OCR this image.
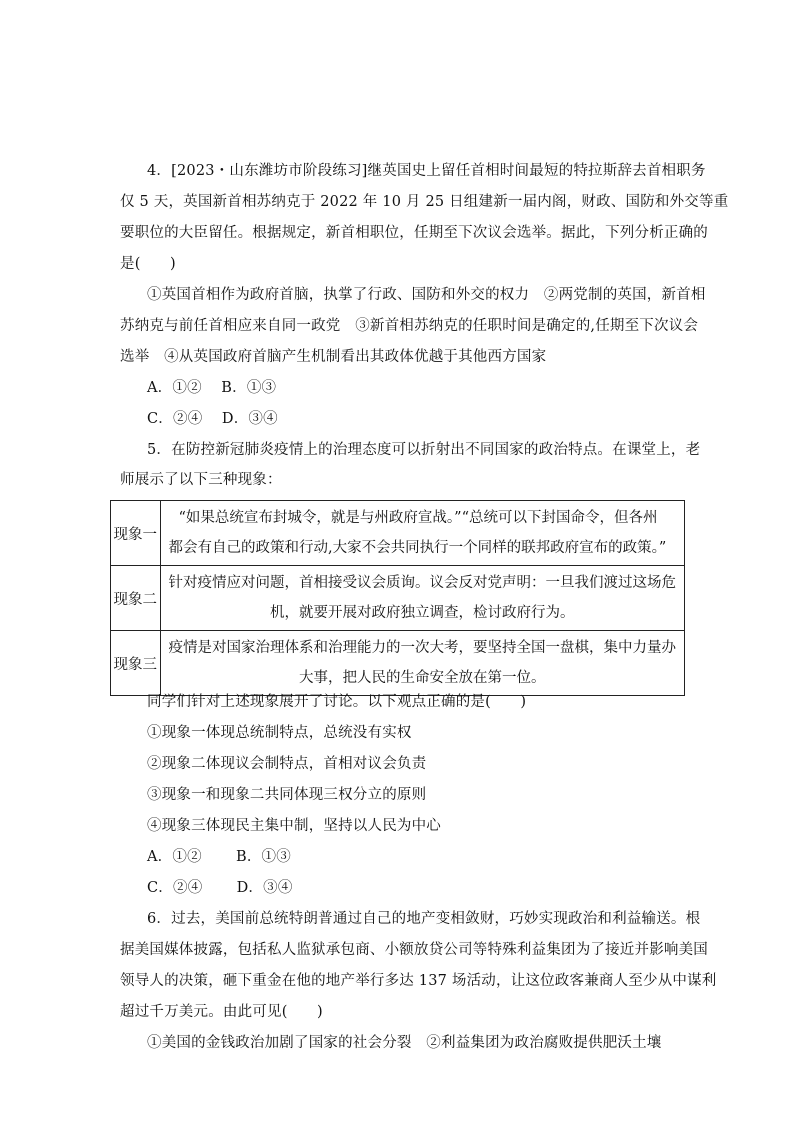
4．[2023・山东潍坊市阶段练习]继英国史上留任首相时间最短的特拉斯辞去首相职务
仅 5 天，英国新首相苏纳克于 2022 年 10 月 25 日组建新一届内阁，财政、国防和外交等重
要职位的大臣留任。根据规定，新首相职位，任期至下次议会选举。据此，下列分析正确的
是(　　)
①英国首相作为政府首脑，执掌了行政、国防和外交的权力　②两党制的英国，新首相
苏纳克与前任首相应来自同一政党　③新首相苏纳克的任职时间是确定的,任期至下次议会
选举　④从英国政府首脑产生机制看出其政体优越于其他西方国家
A．①②　 B．①③
C．②④　 D．③④
5．在防控新冠肺炎疫情上的治理态度可以折射出不同国家的政治特点。在课堂上，老
师展示了以下三种现象：
现象一	“如果总统宣布封城令，就是与州政府宣战。”“总统可以下封国命令，但各州
都会有自己的政策和行动,大家不会共同执行一个同样的联邦政府宣布的政策。”

现象二	针对疫情应对问题，首相接受议会质询。议会反对党声明：一旦我们渡过这场危
机，就要开展对政府独立调查，检讨政府行为。

现象三	疫情是对国家治理体系和治理能力的一次大考，要坚持全国一盘棋，集中力量办
大事，把人民的生命安全放在第一位。
同学们针对上述现象展开了讨论。以下观点正确的是(　　)
①现象一体现总统制特点，总统没有实权
②现象二体现议会制特点，首相对议会负责
③现象一和现象二共同体现三权分立的原则
④现象三体现民主集中制，坚持以人民为中心
A．①②　　 B．①③
C．②④　　 D．③④
6．过去，美国前总统特朗普通过自己的地产变相敛财，巧妙实现政治和利益输送。根
据美国媒体披露，包括私人监狱承包商、小额放贷公司等特殊利益集团为了接近并影响美国
领导人的决策，砸下重金在他的地产举行多达 137 场活动，让这位政客兼商人至少从中谋利
超过千万美元。由此可见(　　)
①美国的金钱政治加剧了国家的社会分裂　②利益集团为政治腐败提供肥沃土壤
